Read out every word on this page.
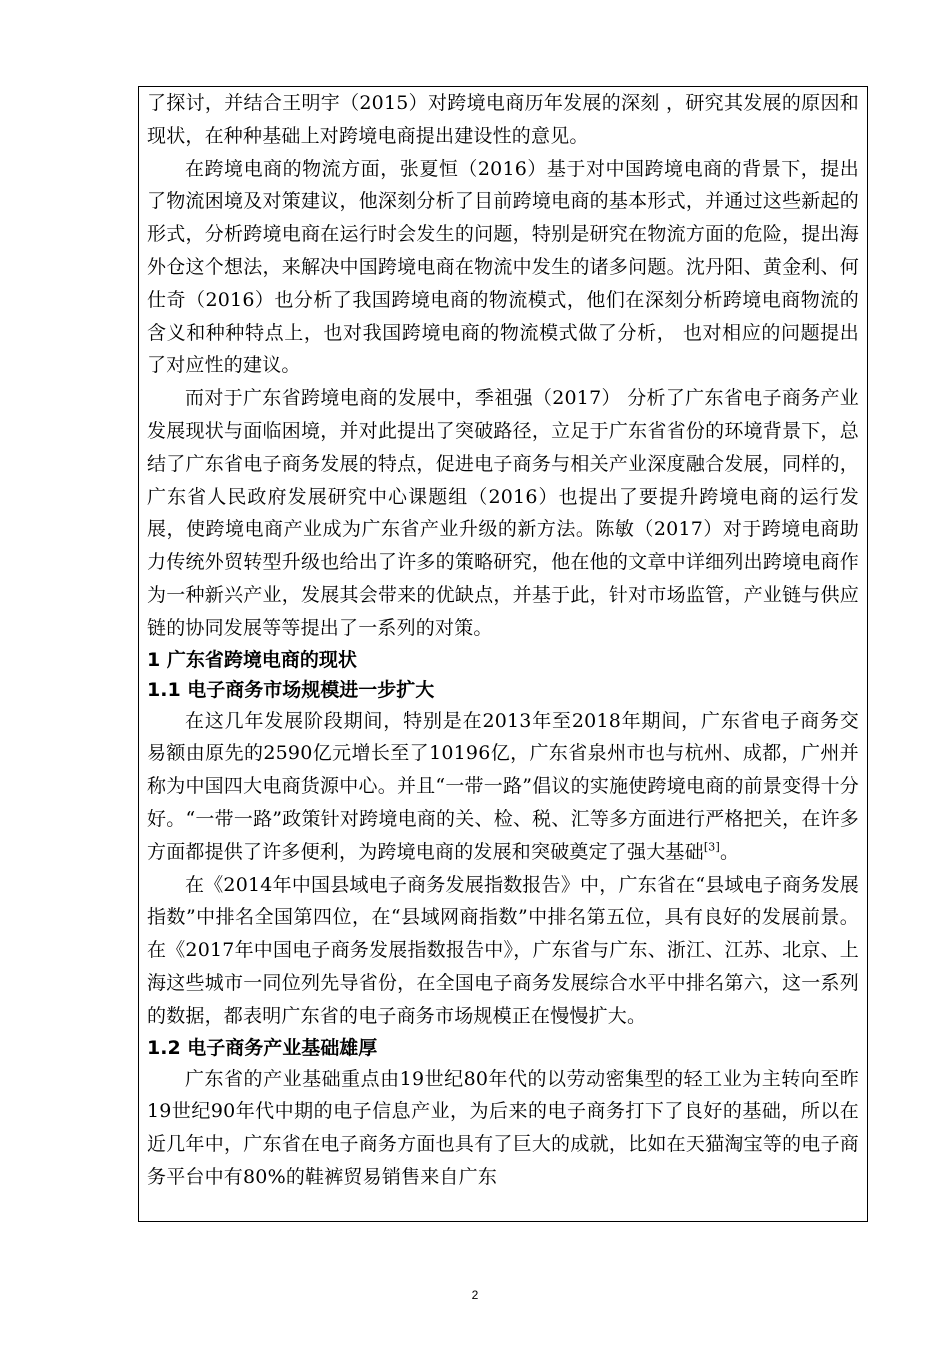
了探讨，并结合王明宇（2015）对跨境电商历年发展的深刻 ，研究其发展的原因和现状，在种种基础上对跨境电商提出建设性的意见。

在跨境电商的物流方面，张夏恒（2016）基于对中国跨境电商的背景下，提出了物流困境及对策建议，他深刻分析了目前跨境电商的基本形式，并通过这些新起的形式，分析跨境电商在运行时会发生的问题，特别是研究在物流方面的危险，提出海外仓这个想法，来解决中国跨境电商在物流中发生的诸多问题。沈丹阳、黄金利、何仕奇（2016）也分析了我国跨境电商的物流模式，他们在深刻分析跨境电商物流的含义和种种特点上，也对我国跨境电商的物流模式做了分析， 也对相应的问题提出了对应性的建议。

而对于广东省跨境电商的发展中，季祖强（2017） 分析了广东省电子商务产业发展现状与面临困境，并对此提出了突破路径，立足于广东省省份的环境背景下，总结了广东省电子商务发展的特点，促进电子商务与相关产业深度融合发展，同样的，广东省人民政府发展研究中心课题组（2016）也提出了要提升跨境电商的运行发展，使跨境电商产业成为广东省产业升级的新方法。陈敏（2017）对于跨境电商助力传统外贸转型升级也给出了许多的策略研究，他在他的文章中详细列出跨境电商作为一种新兴产业，发展其会带来的优缺点，并基于此，针对市场监管，产业链与供应链的协同发展等等提出了一系列的对策。

1 广东省跨境电商的现状
1.1 电子商务市场规模进一步扩大

在这几年发展阶段期间，特别是在2013年至2018年期间，广东省电子商务交易额由原先的2590亿元增长至了10196亿，广东省泉州市也与杭州、成都，广州并称为中国四大电商货源中心。并且“一带一路”倡议的实施使跨境电商的前景变得十分好。“一带一路”政策针对跨境电商的关、检、税、汇等多方面进行严格把关，在许多方面都提供了许多便利，为跨境电商的发展和突破奠定了强大基础[3]。

在《2014年中国县域电子商务发展指数报告》中，广东省在“县域电子商务发展指数”中排名全国第四位，在“县域网商指数”中排名第五位，具有良好的发展前景。在《2017年中国电子商务发展指数报告中》，广东省与广东、浙江、江苏、北京、上海这些城市一同位列先导省份，在全国电子商务发展综合水平中排名第六，这一系列的数据，都表明广东省的电子商务市场规模正在慢慢扩大。

1.2 电子商务产业基础雄厚

广东省的产业基础重点由19世纪80年代的以劳动密集型的轻工业为主转向至昨19世纪90年代中期的电子信息产业，为后来的电子商务打下了良好的基础，所以在近几年中，广东省在电子商务方面也具有了巨大的成就，比如在天猫淘宝等的电子商务平台中有80%的鞋裤贸易销售来自广东

2
